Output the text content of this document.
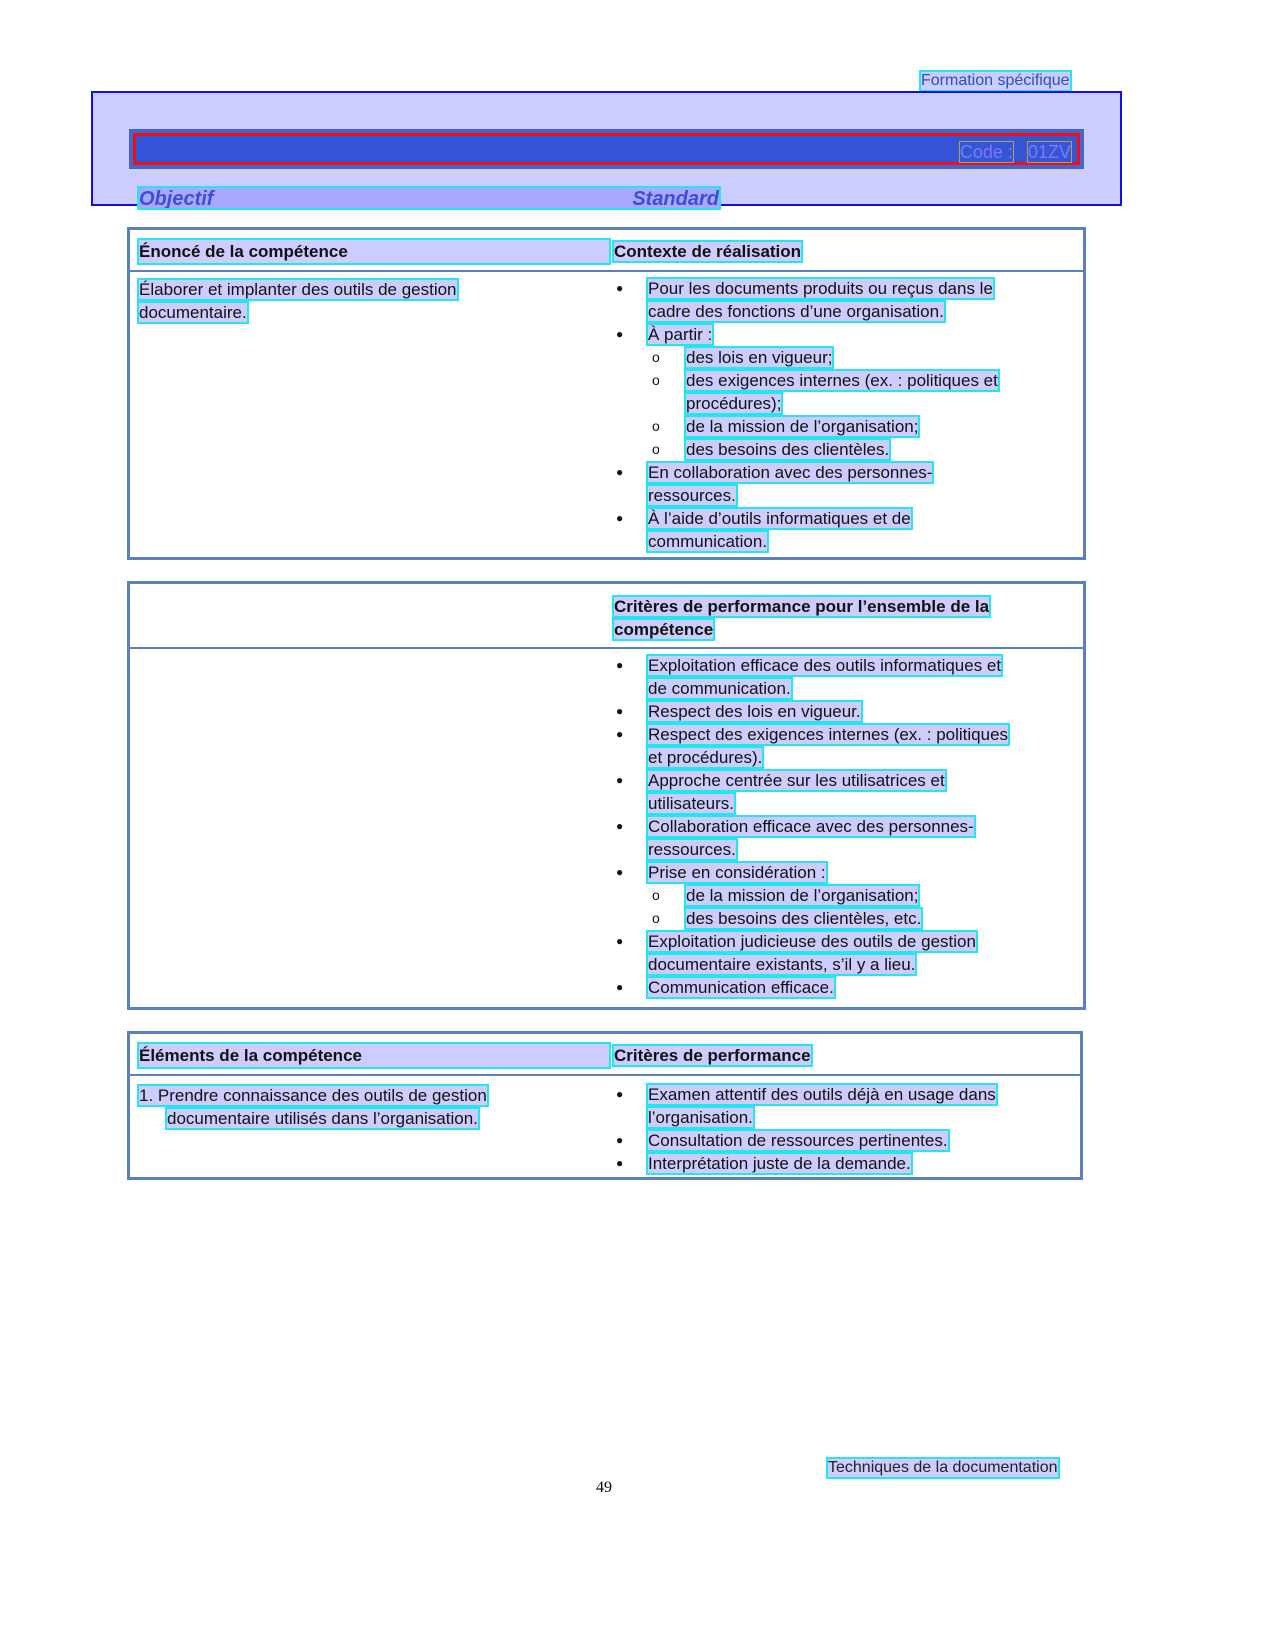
Formation spécifique
Code : 01ZV
Objectif	Standard
Énoncé de la compétence	Contexte de réalisation
Élaborer et implanter des outils de gestion
documentaire.
● Pour les documents produits ou reçus dans le
cadre des fonctions d’une organisation.
● À partir :
o des lois en vigueur;
o des exigences internes (ex. : politiques et
procédures);
o de la mission de l’organisation;
o des besoins des clientèles.
● En collaboration avec des personnes-
ressources.
● À l’aide d’outils informatiques et de
communication.
Critères de performance pour l’ensemble de la
compétence
● Exploitation efficace des outils informatiques et
de communication.
● Respect des lois en vigueur.
● Respect des exigences internes (ex. : politiques
et procédures).
● Approche centrée sur les utilisatrices et
utilisateurs.
● Collaboration efficace avec des personnes-
ressources.
● Prise en considération :
o de la mission de l’organisation;
o des besoins des clientèles, etc.
● Exploitation judicieuse des outils de gestion
documentaire existants, s’il y a lieu.
● Communication efficace.
Éléments de la compétence	Critères de performance
1. Prendre connaissance des outils de gestion
documentaire utilisés dans l’organisation.
● Examen attentif des outils déjà en usage dans
l’organisation.
● Consultation de ressources pertinentes.
● Interprétation juste de la demande.
Techniques de la documentation
49
